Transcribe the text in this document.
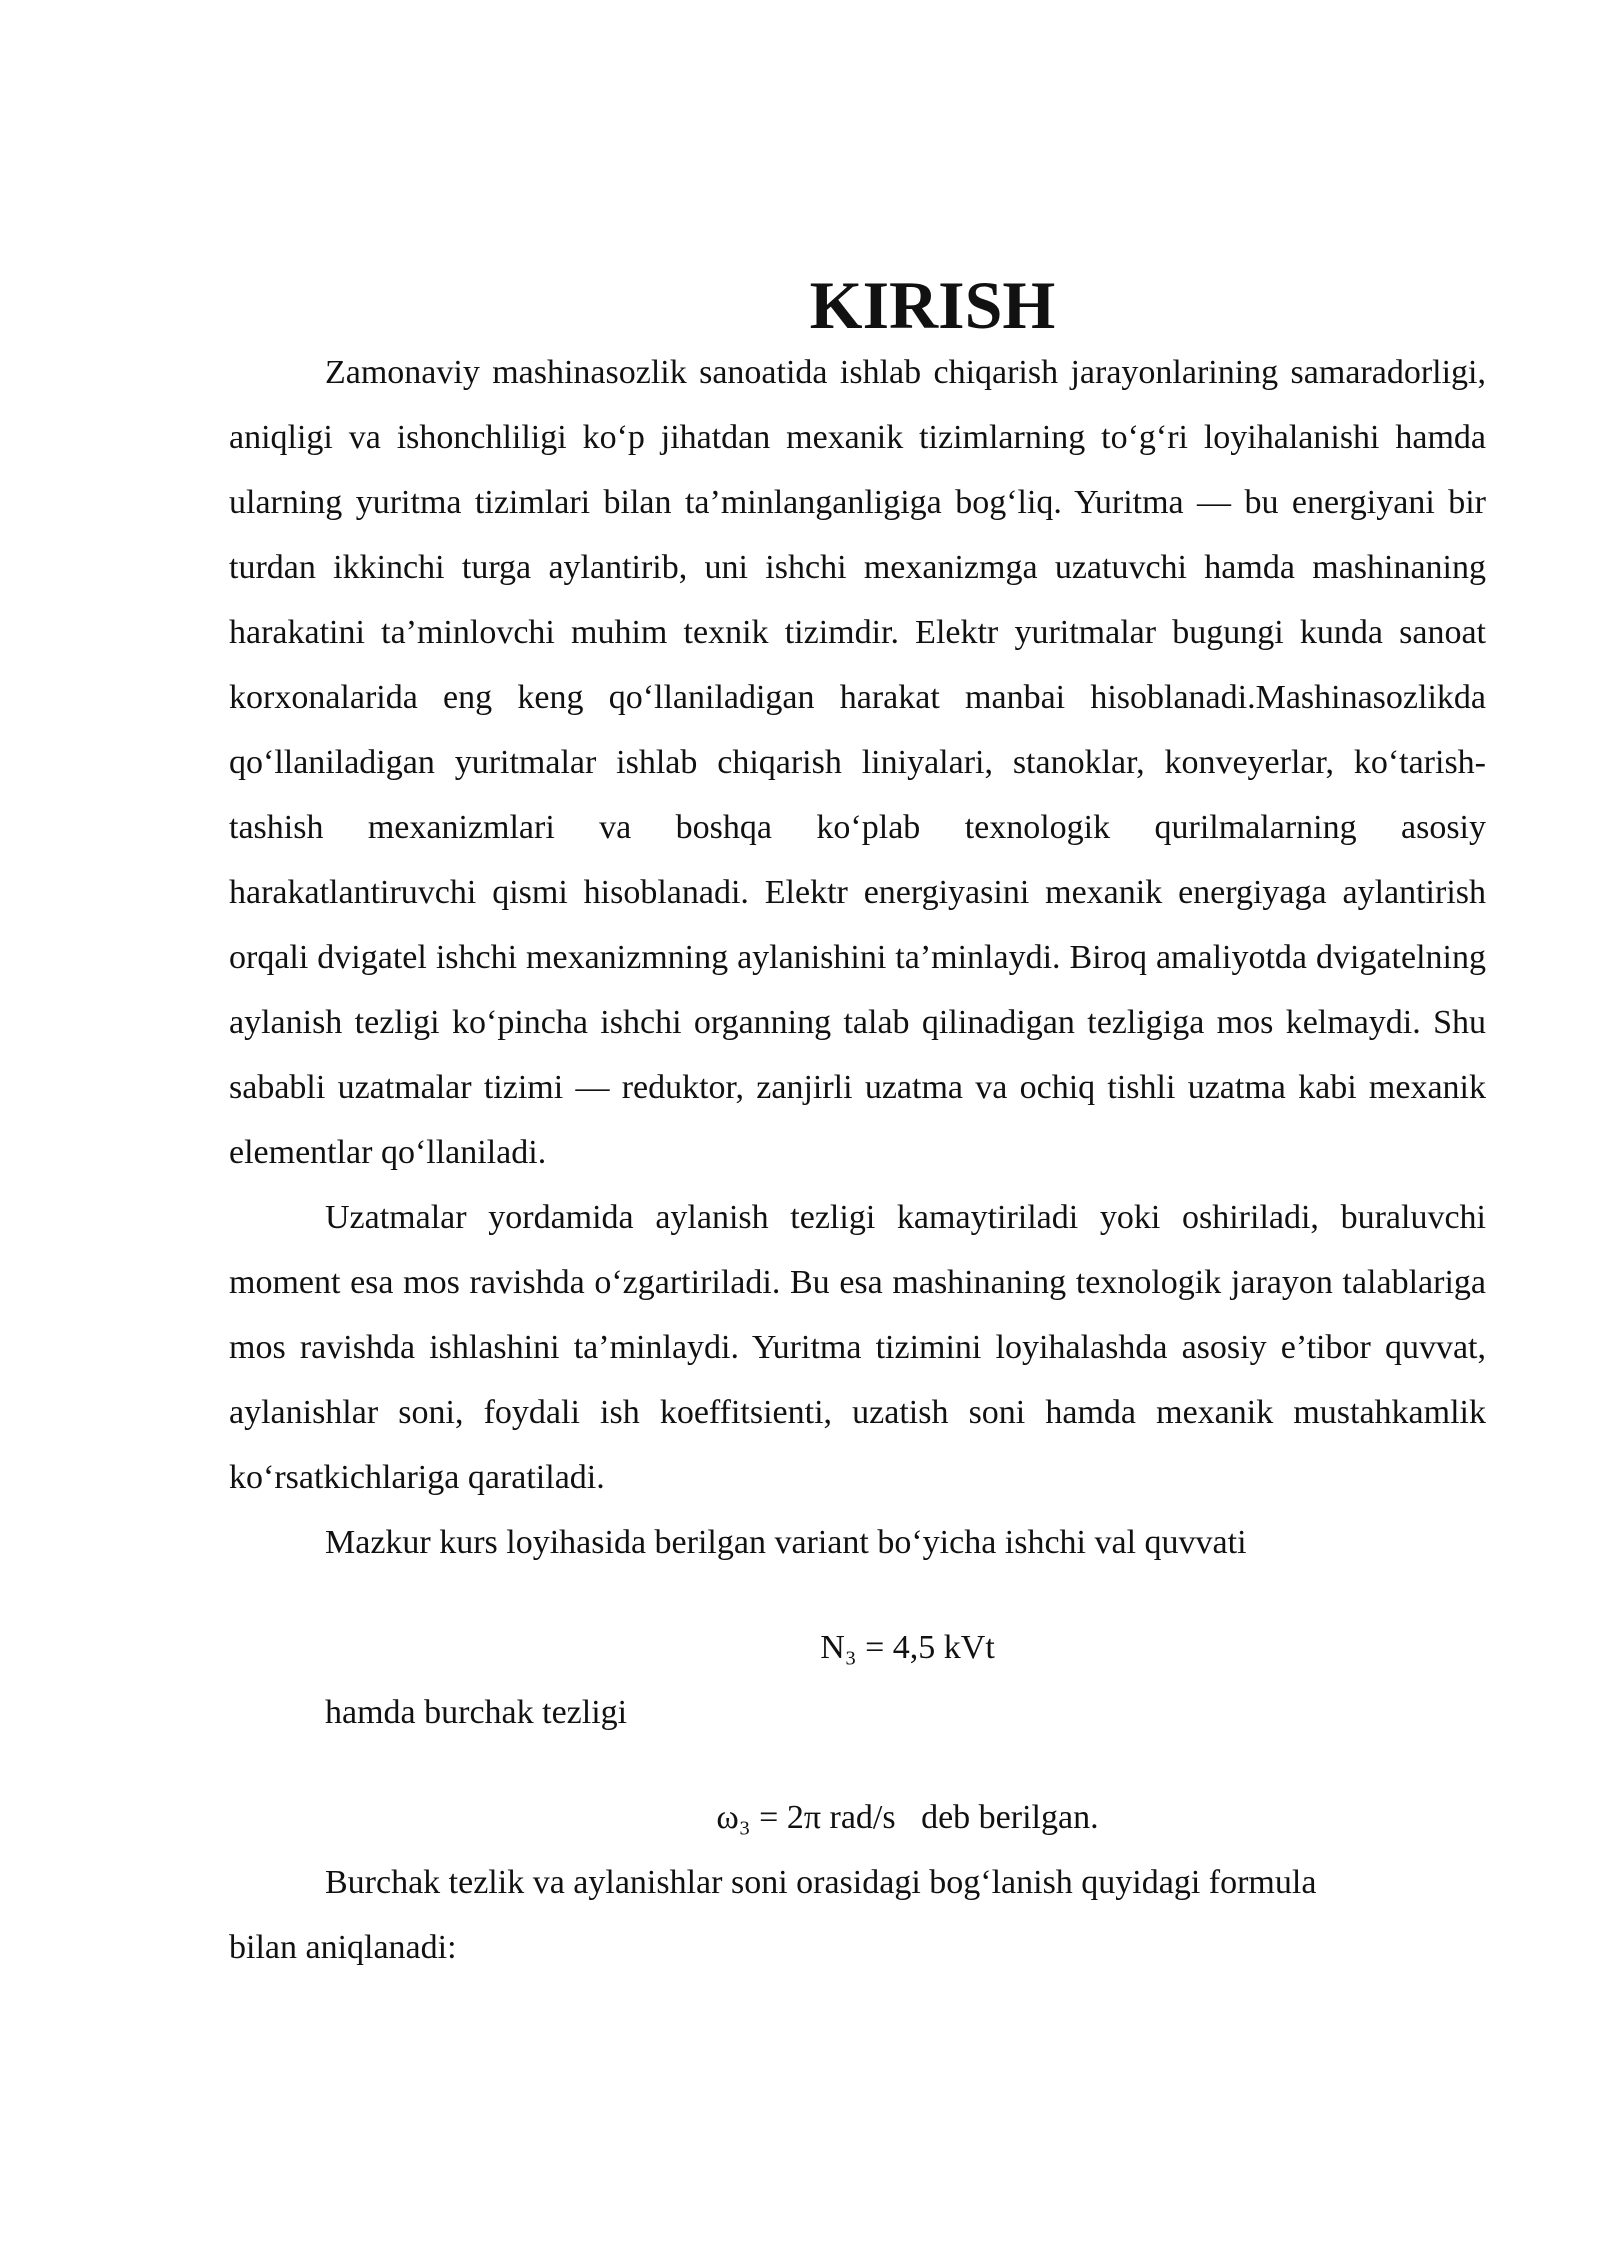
KIRISH

Zamonaviy mashinasozlik sanoatida ishlab chiqarish jarayonlarining samaradorligi, aniqligi va ishonchliligi ko‘p jihatdan mexanik tizimlarning to‘g‘ri loyihalanishi hamda ularning yuritma tizimlari bilan ta’minlanganligiga bog‘liq. Yuritma — bu energiyani bir turdan ikkinchi turga aylantirib, uni ishchi mexanizmga uzatuvchi hamda mashinaning harakatini ta’minlovchi muhim texnik tizimdir. Elektr yuritmalar bugungi kunda sanoat korxonalarida eng keng qo‘llaniladigan harakat manbai hisoblanadi.Mashinasozlikda qo‘llaniladigan yuritmalar ishlab chiqarish liniyalari, stanoklar, konveyerlar, ko‘tarish-tashish mexanizmlari va boshqa ko‘plab texnologik qurilmalarning asosiy harakatlantiruvchi qismi hisoblanadi. Elektr energiyasini mexanik energiyaga aylantirish orqali dvigatel ishchi mexanizmning aylanishini ta’minlaydi. Biroq amaliyotda dvigatelning aylanish tezligi ko‘pincha ishchi organning talab qilinadigan tezligiga mos kelmaydi. Shu sababli uzatmalar tizimi — reduktor, zanjirli uzatma va ochiq tishli uzatma kabi mexanik elementlar qo‘llaniladi.

Uzatmalar yordamida aylanish tezligi kamaytiriladi yoki oshiriladi, buraluvchi moment esa mos ravishda o‘zgartiriladi. Bu esa mashinaning texnologik jarayon talablariga mos ravishda ishlashini ta’minlaydi. Yuritma tizimini loyihalashda asosiy e’tibor quvvat, aylanishlar soni, foydali ish koeffitsienti, uzatish soni hamda mexanik mustahkamlik ko‘rsatkichlariga qaratiladi.

Mazkur kurs loyihasida berilgan variant bo‘yicha ishchi val quvvati

N₃ = 4,5 kVt

hamda burchak tezligi

ω₃ = 2π rad/s   deb berilgan.

Burchak tezlik va aylanishlar soni orasidagi bog‘lanish quyidagi formula

bilan aniqlanadi:
